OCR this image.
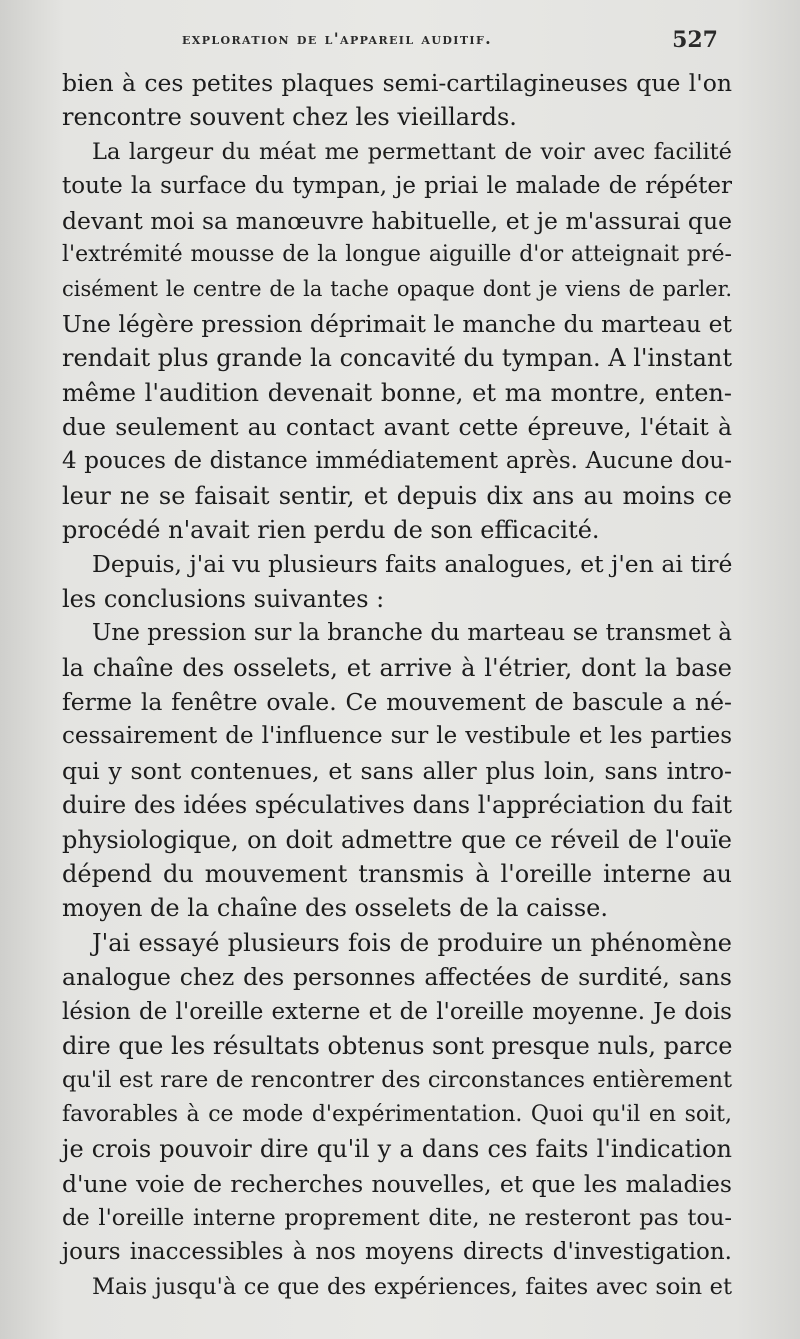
exploration de l'appareil auditif.	527
bien à ces petites plaques semi-cartilagineuses que l'on
rencontre souvent chez les vieillards.
La largeur du méat me permettant de voir avec facilité
toute la surface du tympan, je priai le malade de répéter
devant moi sa manœuvre habituelle, et je m'assurai que
l'extrémité mousse de la longue aiguille d'or atteignait pré-
cisément le centre de la tache opaque dont je viens de parler.
Une légère pression déprimait le manche du marteau et
rendait plus grande la concavité du tympan. A l'instant
même l'audition devenait bonne, et ma montre, enten-
due seulement au contact avant cette épreuve, l'était à
4 pouces de distance immédiatement après. Aucune dou-
leur ne se faisait sentir, et depuis dix ans au moins ce
procédé n'avait rien perdu de son efficacité.
Depuis, j'ai vu plusieurs faits analogues, et j'en ai tiré
les conclusions suivantes :
Une pression sur la branche du marteau se transmet à
la chaîne des osselets, et arrive à l'étrier, dont la base
ferme la fenêtre ovale. Ce mouvement de bascule a né-
cessairement de l'influence sur le vestibule et les parties
qui y sont contenues, et sans aller plus loin, sans intro-
duire des idées spéculatives dans l'appréciation du fait
physiologique, on doit admettre que ce réveil de l'ouïe
dépend du mouvement transmis à l'oreille interne au
moyen de la chaîne des osselets de la caisse.
J'ai essayé plusieurs fois de produire un phénomène
analogue chez des personnes affectées de surdité, sans
lésion de l'oreille externe et de l'oreille moyenne. Je dois
dire que les résultats obtenus sont presque nuls, parce
qu'il est rare de rencontrer des circonstances entièrement
favorables à ce mode d'expérimentation. Quoi qu'il en soit,
je crois pouvoir dire qu'il y a dans ces faits l'indication
d'une voie de recherches nouvelles, et que les maladies
de l'oreille interne proprement dite, ne resteront pas tou-
jours inaccessibles à nos moyens directs d'investigation.
Mais jusqu'à ce que des expériences, faites avec soin et
